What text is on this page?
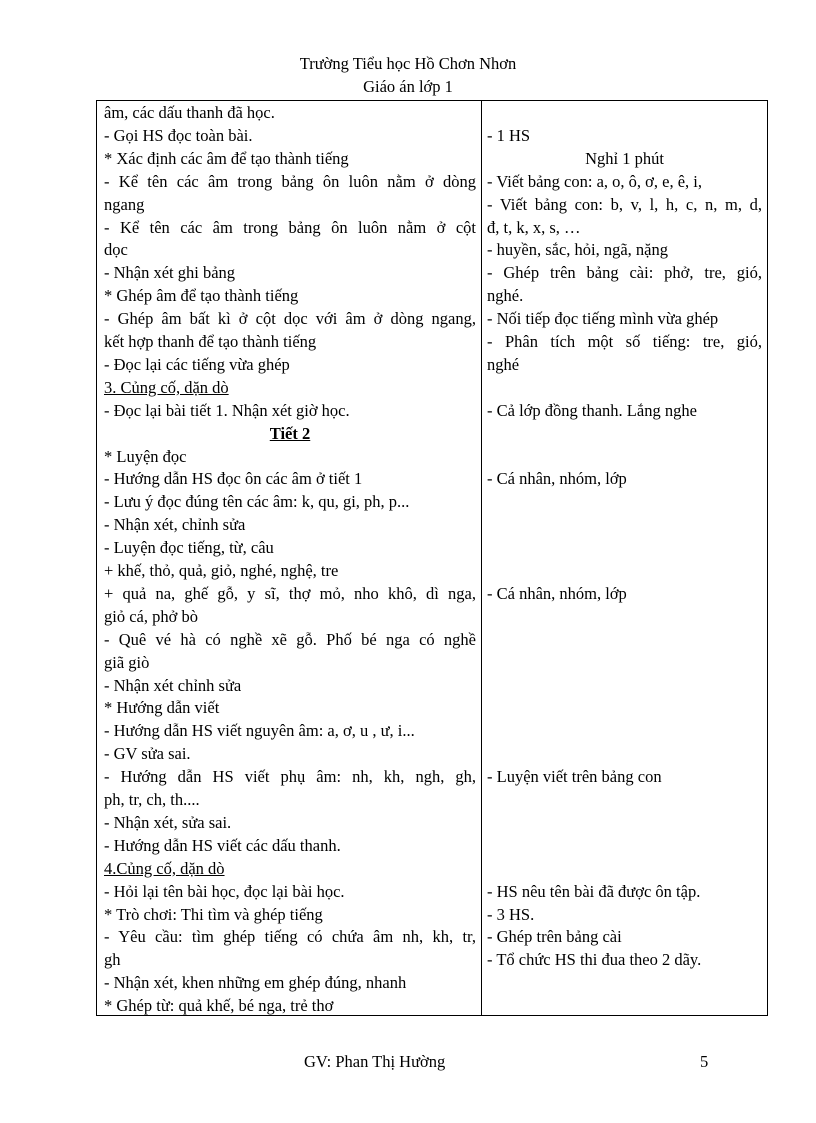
Trường Tiểu học Hồ Chơn Nhơn
Giáo án lớp 1
âm, các dấu thanh đã học.
- Gọi HS đọc toàn bài.
* Xác định các âm để tạo thành tiếng
- Kể tên các âm trong bảng ôn luôn nằm ở dòng
ngang
- Kể tên các âm trong bảng ôn luôn nằm ở cột
dọc
- Nhận xét ghi bảng
* Ghép âm để tạo thành tiếng
- Ghép âm bất kì ở cột dọc với âm ở dòng ngang,
kết hợp thanh để tạo thành tiếng
- Đọc lại các tiếng vừa ghép
3. Củng cố, dặn dò
- Đọc lại bài tiết 1. Nhận xét giờ học.
Tiết 2
* Luyện đọc
- Hướng dẫn HS đọc ôn các âm ở tiết 1
- Lưu ý đọc đúng tên các âm: k, qu, gi, ph, p...
- Nhận xét, chỉnh sửa
- Luyện đọc tiếng, từ, câu
+ khế, thỏ, quả, giỏ, nghé, nghệ, tre
+ quả na, ghế gỗ, y sĩ, thợ mỏ, nho khô, dì nga,
giỏ cá, phở bò
- Quê vé hà có nghề xẽ gỗ. Phố bé nga có nghề
giã giò
- Nhận xét chỉnh sửa
* Hướng dẫn viết
- Hướng dẫn HS viết nguyên âm: a, ơ, u , ư, i...
- GV sửa sai.
- Hướng dẫn HS viết phụ âm: nh, kh, ngh, gh,
ph, tr, ch, th....
- Nhận xét, sửa sai.
- Hướng dẫn HS viết các dấu thanh.
4.Củng cố, dặn dò
- Hỏi lại tên bài học, đọc lại bài học.
* Trò chơi: Thi tìm và ghép tiếng
- Yêu cầu: tìm ghép tiếng có chứa âm nh, kh, tr,
gh
- Nhận xét, khen những em ghép đúng, nhanh
* Ghép từ: quả khế, bé nga, trẻ thơ
- 1 HS
Nghỉ 1 phút
- Viết bảng con: a, o, ô, ơ, e, ê, i,
- Viết bảng con: b, v, l, h, c, n, m, d,
đ, t, k, x, s, …
- huyền, sắc, hỏi, ngã, nặng
- Ghép trên bảng cài: phở, tre, gió,
nghé.
- Nối tiếp đọc tiếng mình vừa ghép
- Phân tích một số tiếng: tre, gió,
nghé
- Cả lớp đồng thanh. Lắng nghe
- Cá nhân, nhóm, lớp
- Cá nhân, nhóm, lớp
- Luyện viết trên bảng con
- HS nêu tên bài đã được ôn tập.
- 3 HS.
- Ghép trên bảng cài
- Tổ chức HS thi đua theo 2 dãy.
GV: Phan Thị Hường	5
